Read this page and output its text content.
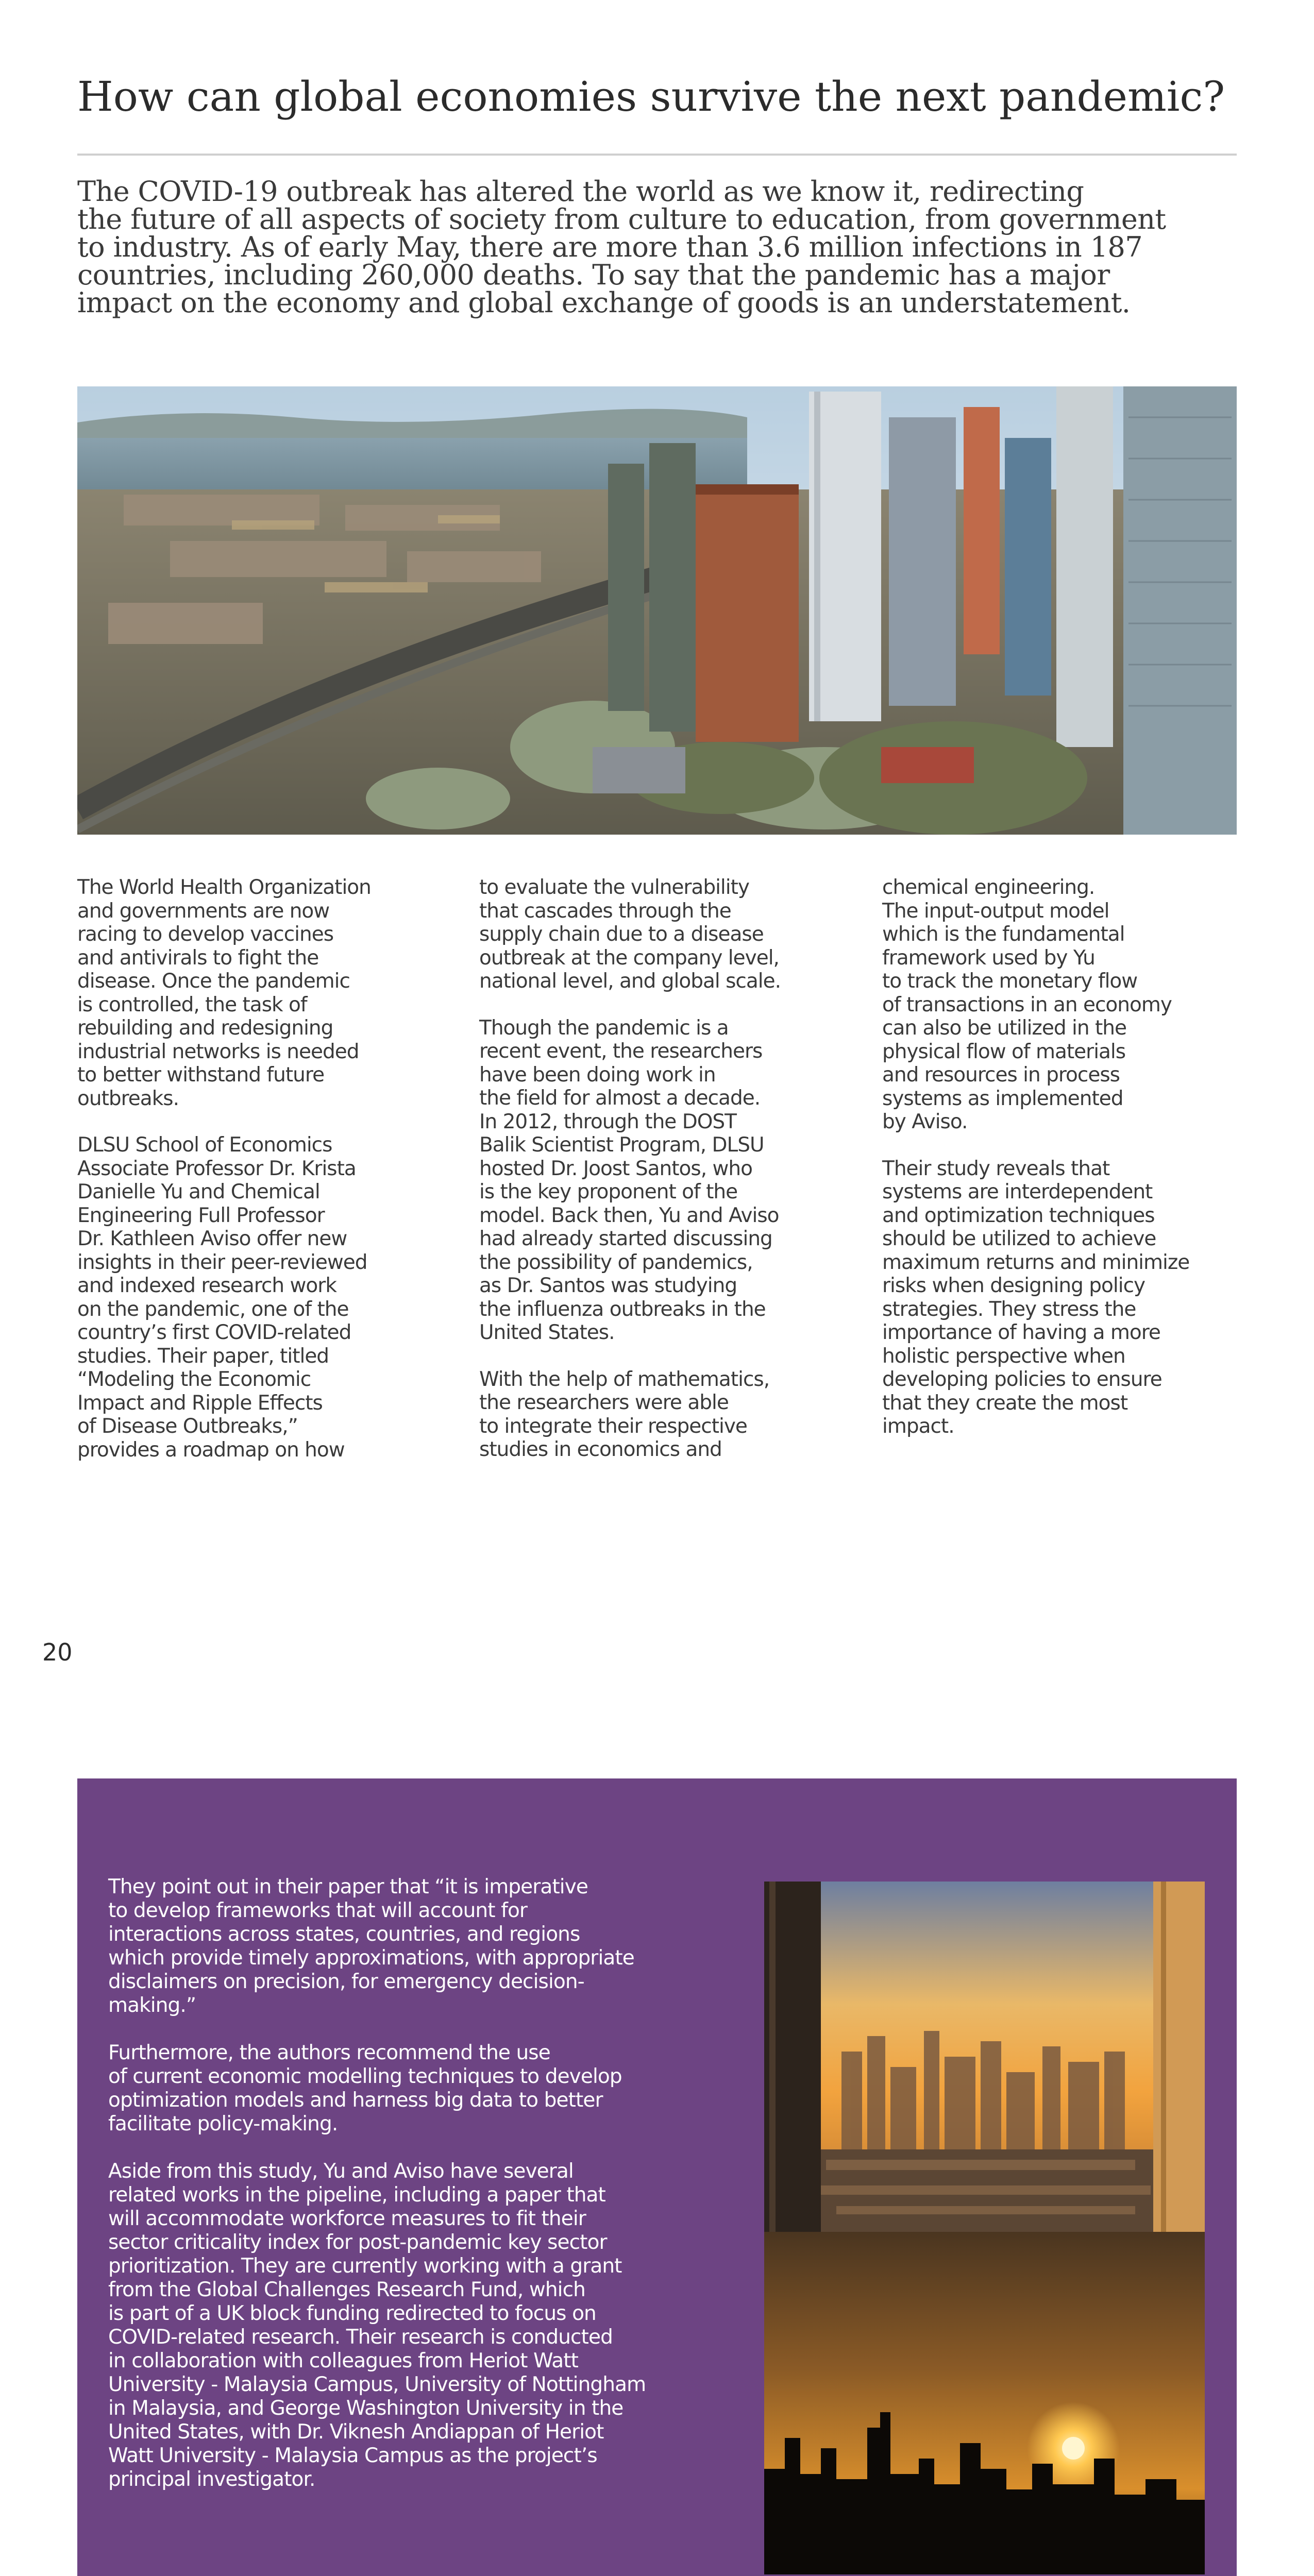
How can global economies survive the next pandemic?
The COVID-19 outbreak has altered the world as we know it, redirecting
the future of all aspects of society from culture to education, from government
to industry. As of early May, there are more than 3.6 million infections in 187
countries, including 260,000 deaths. To say that the pandemic has a major
impact on the economy and global exchange of goods is an understatement.

The World Health Organization
and governments are now
racing to develop vaccines
and antivirals to fight the
disease. Once the pandemic
is controlled, the task of
rebuilding and redesigning
industrial networks is needed
to better withstand future
outbreaks.

DLSU School of Economics
Associate Professor Dr. Krista
Danielle Yu and Chemical
Engineering Full Professor
Dr. Kathleen Aviso offer new
insights in their peer-reviewed
and indexed research work
on the pandemic, one of the
country’s first COVID-related
studies. Their paper, titled
“Modeling the Economic
Impact and Ripple Effects
of Disease Outbreaks,”
provides a roadmap on how

to evaluate the vulnerability
that cascades through the
supply chain due to a disease
outbreak at the company level,
national level, and global scale.

Though the pandemic is a
recent event, the researchers
have been doing work in
the field for almost a decade.
In 2012, through the DOST
Balik Scientist Program, DLSU
hosted Dr. Joost Santos, who
is the key proponent of the
model. Back then, Yu and Aviso
had already started discussing
the possibility of pandemics,
as Dr. Santos was studying
the influenza outbreaks in the
United States.

With the help of mathematics,
the researchers were able
to integrate their respective
studies in economics and

chemical engineering.
The input-output model
which is the fundamental
framework used by Yu
to track the monetary flow
of transactions in an economy
can also be utilized in the
physical flow of materials
and resources in process
systems as implemented
by Aviso.

Their study reveals that
systems are interdependent
and optimization techniques
should be utilized to achieve
maximum returns and minimize
risks when designing policy
strategies. They stress the
importance of having a more
holistic perspective when
developing policies to ensure
that they create the most
impact.

20

They point out in their paper that “it is imperative
to develop frameworks that will account for
interactions across states, countries, and regions
which provide timely approximations, with appropriate
disclaimers on precision, for emergency decision-
making.”

Furthermore, the authors recommend the use
of current economic modelling techniques to develop
optimization models and harness big data to better
facilitate policy-making.

Aside from this study, Yu and Aviso have several
related works in the pipeline, including a paper that
will accommodate workforce measures to fit their
sector criticality index for post-pandemic key sector
prioritization. They are currently working with a grant
from the Global Challenges Research Fund, which
is part of a UK block funding redirected to focus on
COVID-related research. Their research is conducted
in collaboration with colleagues from Heriot Watt
University - Malaysia Campus, University of Nottingham
in Malaysia, and George Washington University in the
United States, with Dr. Viknesh Andiappan of Heriot
Watt University - Malaysia Campus as the project’s
principal investigator.
